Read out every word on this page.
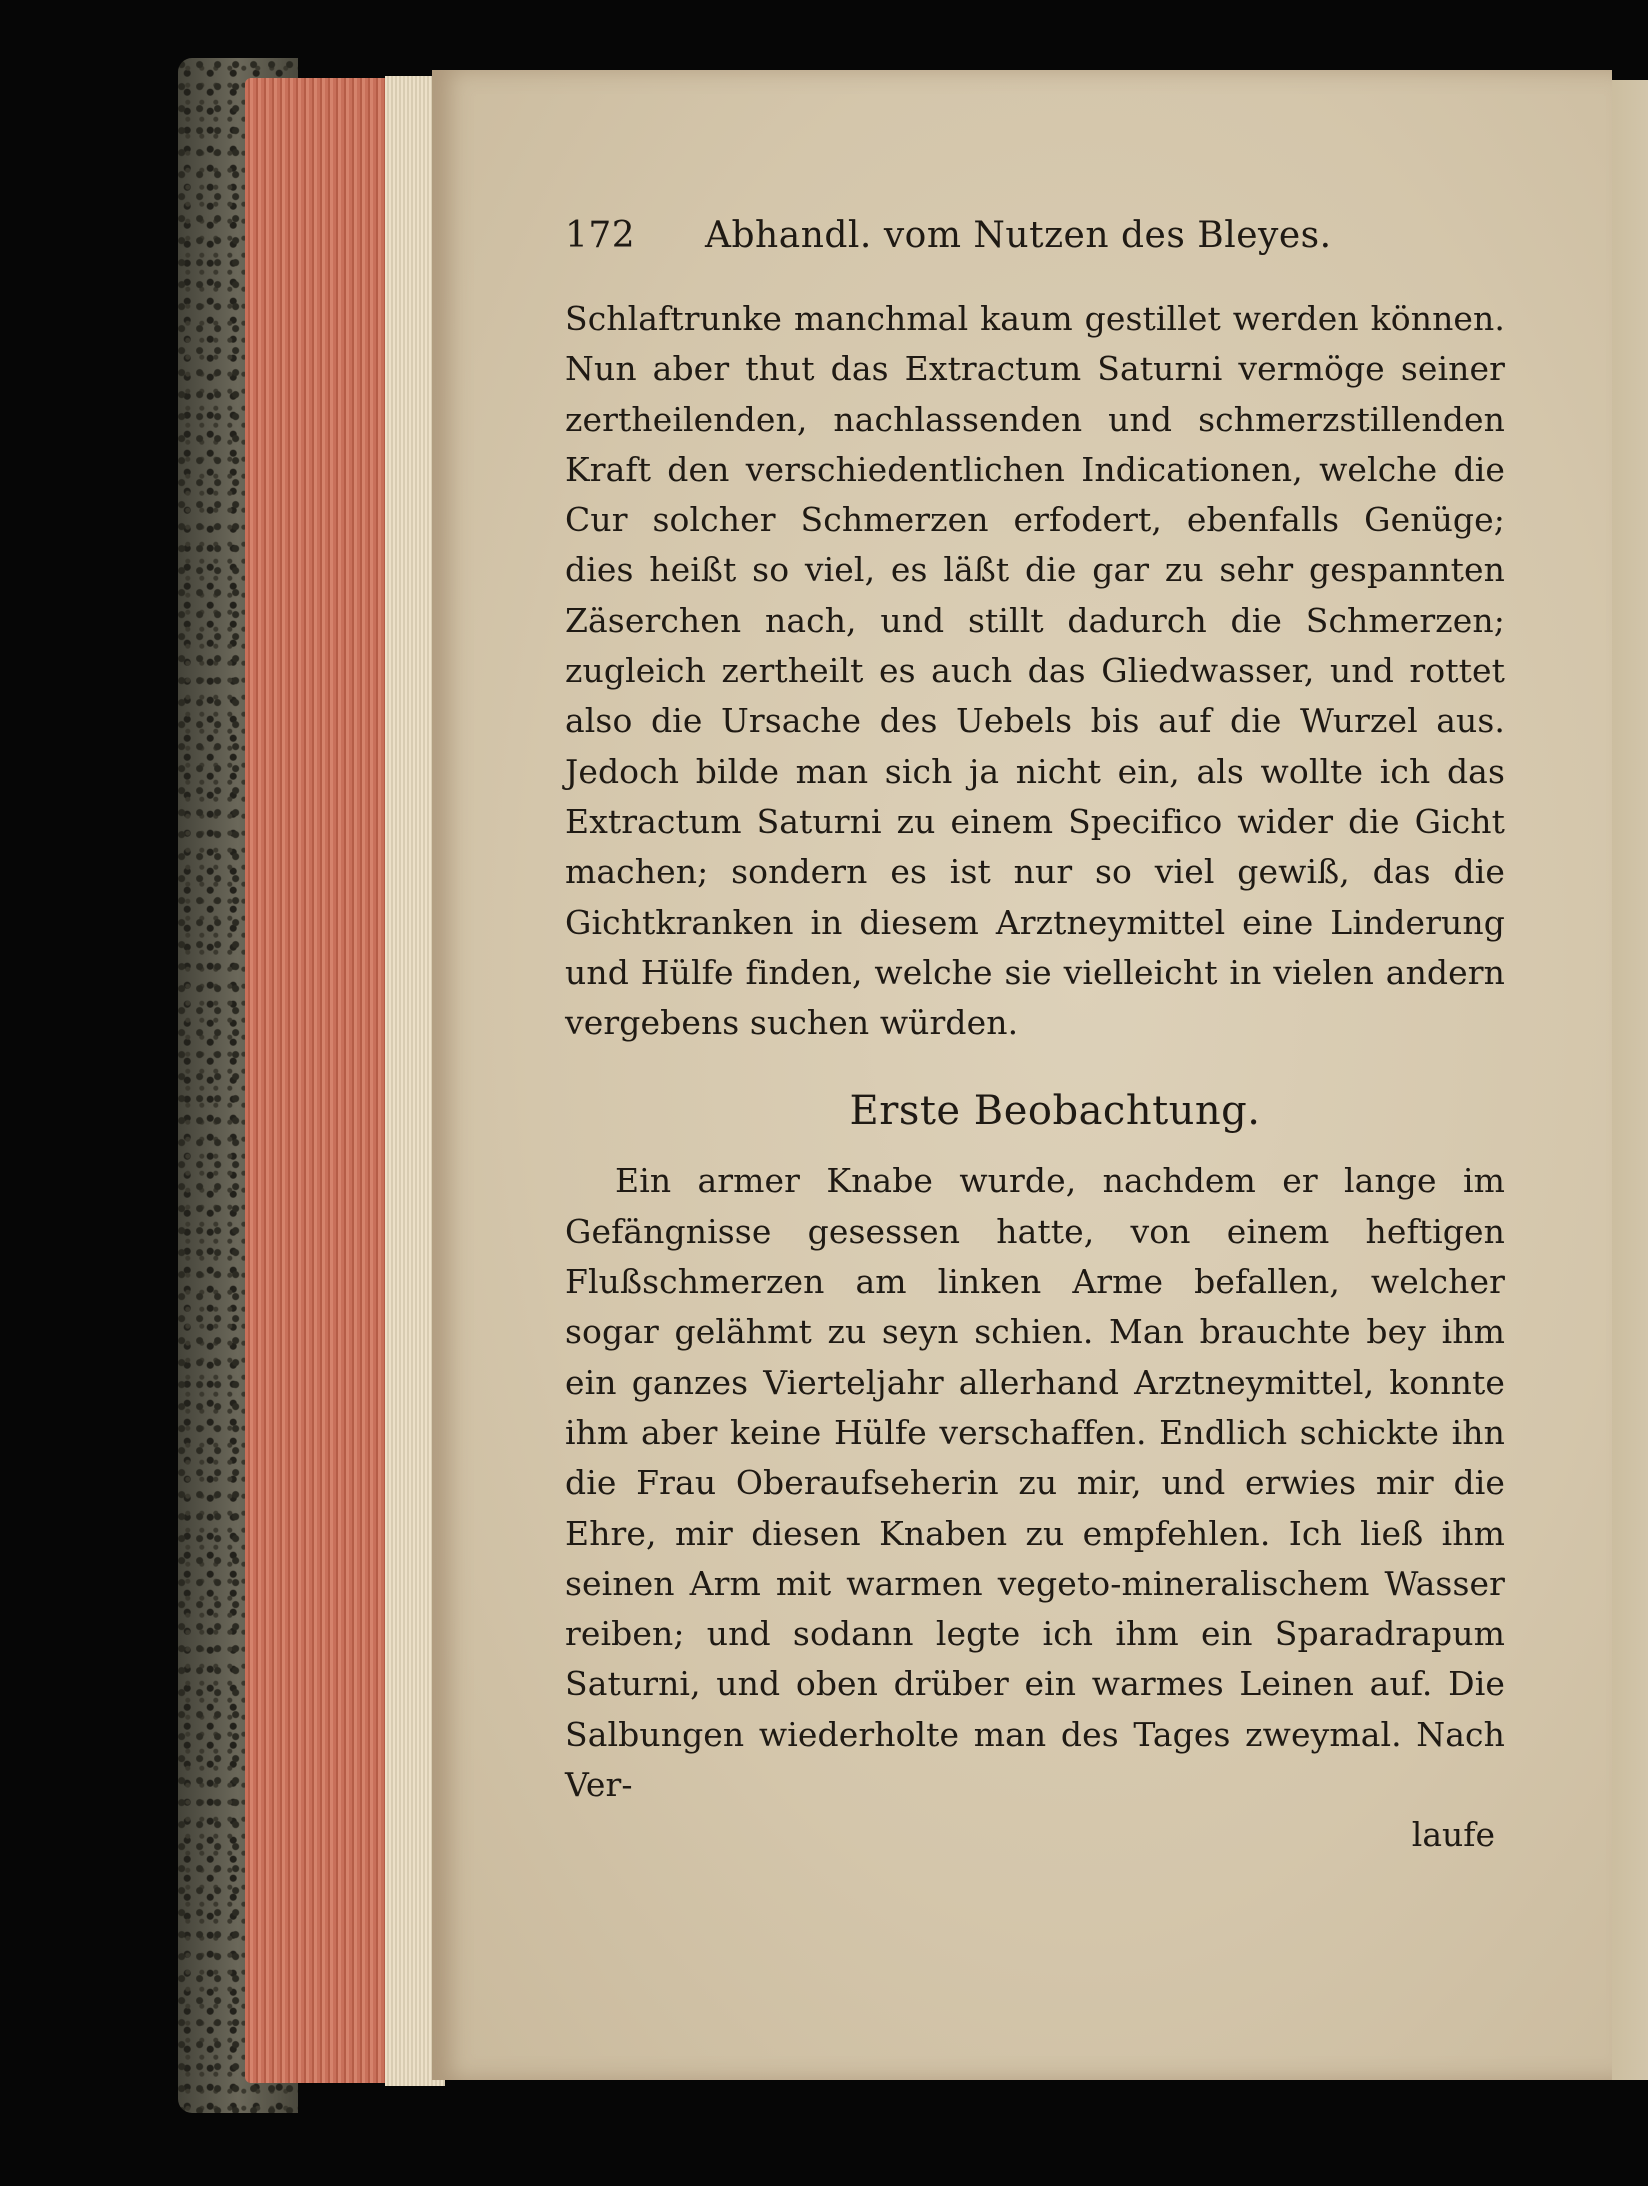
172	Abhandl. vom Nutzen des Bleyes.

Schlaftrunke manchmal kaum gestillet werden können. Nun aber thut das Extractum Saturni vermöge seiner zertheilenden, nachlassenden und schmerzstillenden Kraft den verschiedentlichen Indicationen, welche die Cur solcher Schmerzen erfodert, ebenfalls Genüge; dies heißt so viel, es läßt die gar zu sehr gespannten Zäserchen nach, und stillt dadurch die Schmerzen; zugleich zertheilt es auch das Gliedwasser, und rottet also die Ursache des Uebels bis auf die Wurzel aus. Jedoch bilde man sich ja nicht ein, als wollte ich das Extractum Saturni zu einem Specifico wider die Gicht machen; sondern es ist nur so viel gewiß, das die Gichtkranken in diesem Arztneymittel eine Linderung und Hülfe finden, welche sie vielleicht in vielen andern vergebens suchen würden.

Erste Beobachtung.

Ein armer Knabe wurde, nachdem er lange im Gefängnisse gesessen hatte, von einem heftigen Flußschmerzen am linken Arme befallen, welcher sogar gelähmt zu seyn schien. Man brauchte bey ihm ein ganzes Vierteljahr allerhand Arztneymittel, konnte ihm aber keine Hülfe verschaffen. Endlich schickte ihn die Frau Oberaufseherin zu mir, und erwies mir die Ehre, mir diesen Knaben zu empfehlen. Ich ließ ihm seinen Arm mit warmen vegeto-mineralischem Wasser reiben; und sodann legte ich ihm ein Sparadrapum Saturni, und oben drüber ein warmes Leinen auf. Die Salbungen wiederholte man des Tages zweymal. Nach Ver-

laufe
